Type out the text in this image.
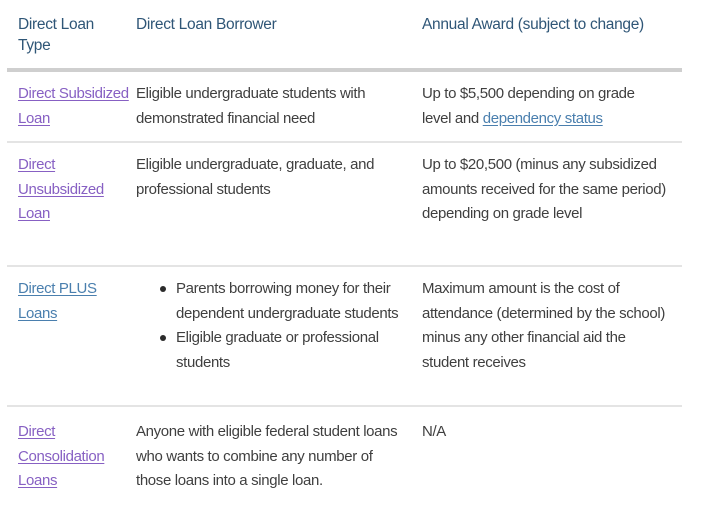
Direct Loan Type
Direct Loan Borrower	Annual Award (subject to change)
Direct Subsidized Loan
Eligible undergraduate students with demonstrated financial need
Up to $5,500 depending on grade level and dependency status
Direct Unsubsidized Loan
Eligible undergraduate, graduate, and professional students
Up to $20,500 (minus any subsidized amounts received for the same period) depending on grade level
Direct PLUS Loans
Parents borrowing money for their dependent undergraduate students
Eligible graduate or professional students
Maximum amount is the cost of attendance (determined by the school) minus any other financial aid the student receives
Direct Consolidation Loans
Anyone with eligible federal student loans who wants to combine any number of those loans into a single loan.
N/A
